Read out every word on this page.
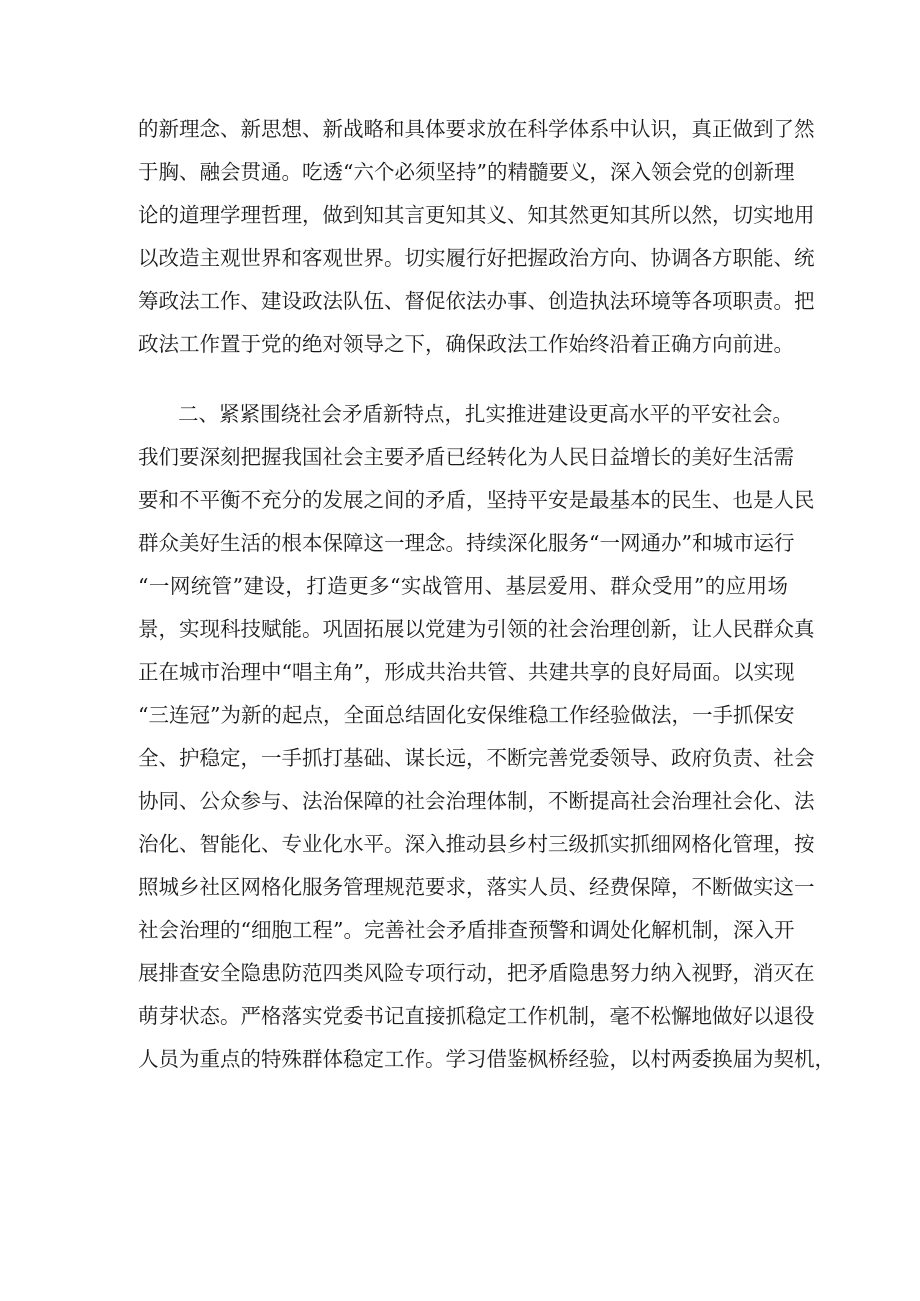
的新理念、新思想、新战略和具体要求放在科学体系中认识，真正做到了然
于胸、融会贯通。吃透“六个必须坚持”的精髓要义，深入领会党的创新理
论的道理学理哲理，做到知其言更知其义、知其然更知其所以然，切实地用
以改造主观世界和客观世界。切实履行好把握政治方向、协调各方职能、统
筹政法工作、建设政法队伍、督促依法办事、创造执法环境等各项职责。把
政法工作置于党的绝对领导之下，确保政法工作始终沿着正确方向前进。
二、紧紧围绕社会矛盾新特点，扎实推进建设更高水平的平安社会。
我们要深刻把握我国社会主要矛盾已经转化为人民日益增长的美好生活需
要和不平衡不充分的发展之间的矛盾，坚持平安是最基本的民生、也是人民
群众美好生活的根本保障这一理念。持续深化服务“一网通办”和城市运行
“一网统管”建设，打造更多“实战管用、基层爱用、群众受用”的应用场
景，实现科技赋能。巩固拓展以党建为引领的社会治理创新，让人民群众真
正在城市治理中“唱主角”，形成共治共管、共建共享的良好局面。以实现
“三连冠”为新的起点，全面总结固化安保维稳工作经验做法，一手抓保安
全、护稳定，一手抓打基础、谋长远，不断完善党委领导、政府负责、社会
协同、公众参与、法治保障的社会治理体制，不断提高社会治理社会化、法
治化、智能化、专业化水平。深入推动县乡村三级抓实抓细网格化管理，按
照城乡社区网格化服务管理规范要求，落实人员、经费保障，不断做实这一
社会治理的“细胞工程”。完善社会矛盾排查预警和调处化解机制，深入开
展排查安全隐患防范四类风险专项行动，把矛盾隐患努力纳入视野，消灭在
萌芽状态。严格落实党委书记直接抓稳定工作机制，毫不松懈地做好以退役
人员为重点的特殊群体稳定工作。学习借鉴枫桥经验，以村两委换届为契机，
